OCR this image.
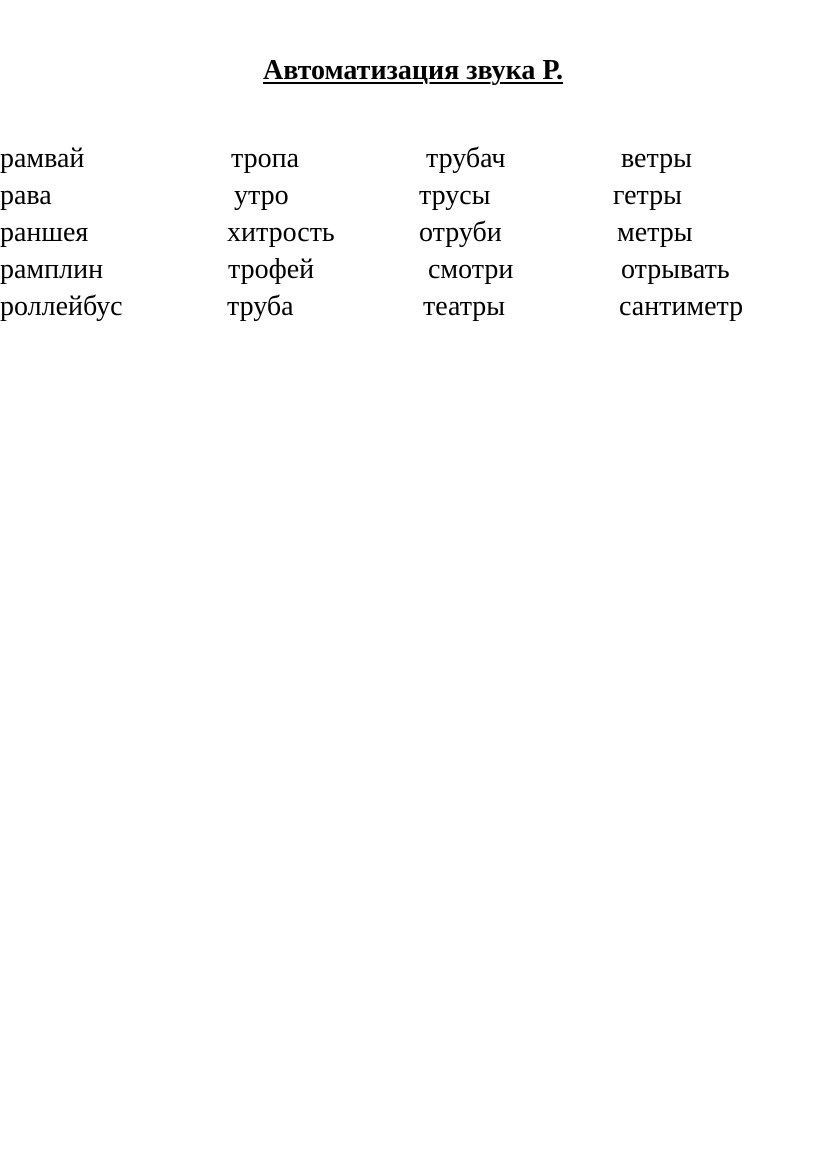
Автоматизация звука Р.
рамвай	тропа	трубач	ветры
рава	утро	трусы	гетры
раншея	хитрость	отруби	метры
рамплин	трофей	смотри	отрывать
роллейбус	труба	театры	сантиметр
